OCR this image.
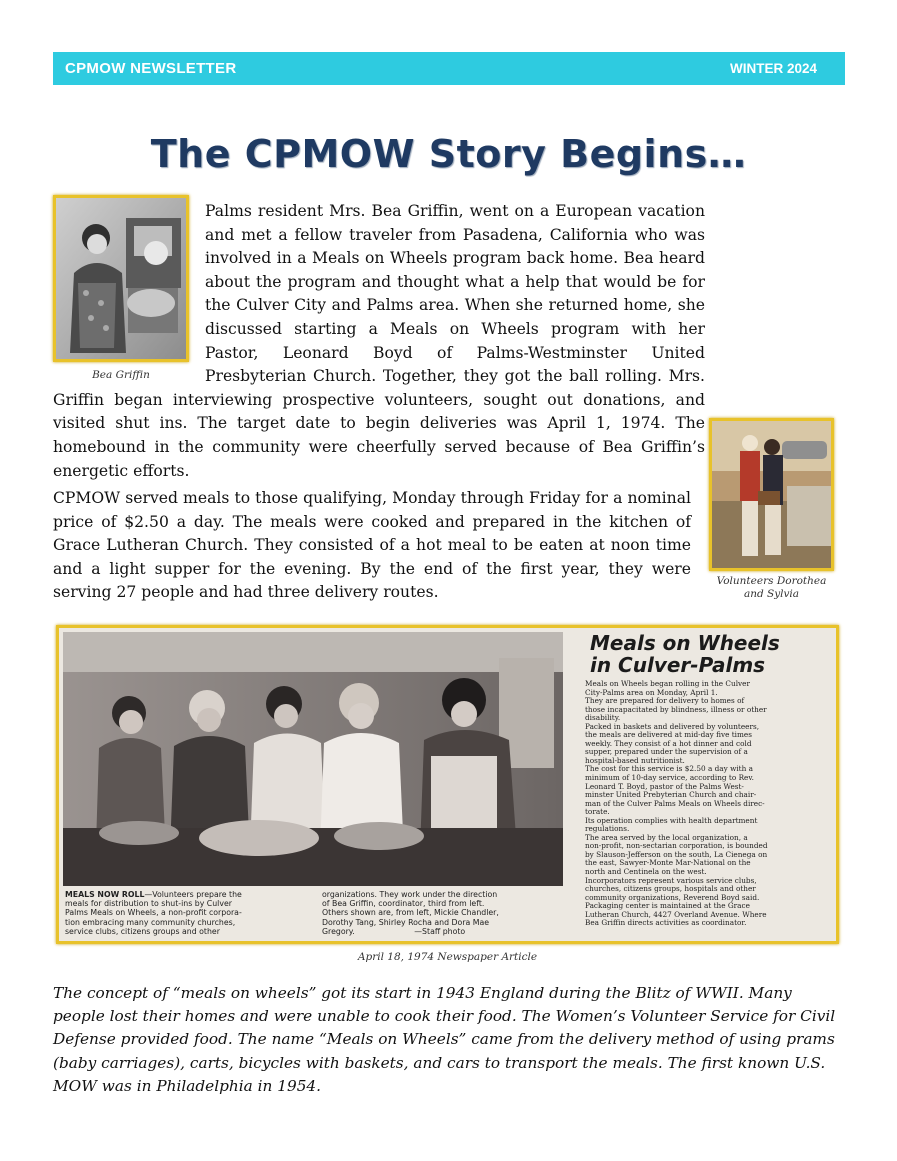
CPMOW NEWSLETTER	WINTER 2024
The CPMOW Story Begins…
Bea Griffin
Palms resident Mrs. Bea Griffin, went on a European vacation and met a fellow traveler from Pasadena, California who was involved in a Meals on Wheels program back home. Bea heard about the program and thought what a help that would be for the Culver City and Palms area. When she returned home, she discussed starting a Meals on Wheels program with her Pastor, Leonard Boyd of Palms-Westminster United Presbyterian Church. Together, they got the ball rolling. Mrs. Griffin began interviewing prospective volunteers, sought out donations, and visited shut ins. The target date to begin deliveries was April 1, 1974. The homebound in the community were cheerfully served because of Bea Griffin’s energetic efforts.
Volunteers Dorothea
and Sylvia
CPMOW served meals to those qualifying, Monday through Friday for a nominal price of $2.50 a day. The meals were cooked and prepared in the kitchen of Grace Lutheran Church. They consisted of a hot meal to be eaten at noon time and a light supper for the evening. By the end of the first year, they were serving 27 people and had three delivery routes.
Meals on Wheels
in Culver-Palms
Meals on Wheels began rolling in the Culver
City-Palms area on Monday, April 1.
They are prepared for delivery to homes of
those incapacitated by blindness, illness or other
disability.
Packed in baskets and delivered by volunteers,
the meals are delivered at mid-day five times
weekly. They consist of a hot dinner and cold
supper, prepared under the supervision of a
hospital-based nutritionist.
The cost for this service is $2.50 a day with a
minimum of 10-day service, according to Rev.
Leonard T. Boyd, pastor of the Palms West-
minster United Prebyterian Church and chair-
man of the Culver Palms Meals on Wheels direc-
torate.
Its operation complies with health department
regulations.
The area served by the local organization, a
non-profit, non-sectarian corporation, is bounded
by Slauson-Jefferson on the south, La Cienega on
the east, Sawyer-Monte Mar-National on the
north and Centinela on the west.
Incorporators represent various service clubs,
churches, citizens groups, hospitals and other
community organizations, Reverend Boyd said.
Packaging center is maintained at the Grace
Lutheran Church, 4427 Overland Avenue. Where
Bea Griffin directs activities as coordinator.
MEALS NOW ROLL—Volunteers prepare the
meals for distribution to shut-ins by Culver
Palms Meals on Wheels, a non-profit corpora-
tion embracing many community churches,
service clubs, citizens groups and other
organizations. They work under the direction
of Bea Griffin, coordinator, third from left.
Others shown are, from left, Mickie Chandler,
Dorothy Tang, Shirley Rocha and Dora Mae
Gregory.                        —Staff photo
April 18, 1974 Newspaper Article
The concept of “meals on wheels” got its start in 1943 England during the Blitz of WWII. Many people lost their homes and were unable to cook their food. The Women’s Volunteer Service for Civil Defense provided food. The name “Meals on Wheels” came from the delivery method of using prams (baby carriages), carts, bicycles with baskets, and cars to transport the meals. The first known U.S. MOW was in Philadelphia in 1954.
